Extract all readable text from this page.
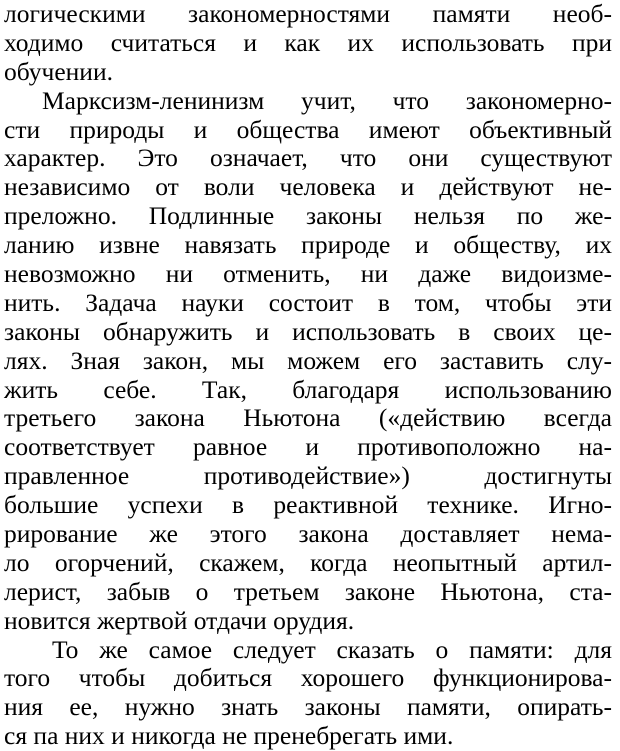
логическими закономерностями памяти необ-
ходимо считаться и как их использовать при
обучении.
Марксизм-ленинизм учит, что закономерно-
сти природы и общества имеют объективный
характер. Это означает, что они существуют
независимо от воли человека и действуют не-
преложно. Подлинные законы нельзя по же-
ланию извне навязать природе и обществу, их
невозможно ни отменить, ни даже видоизме-
нить. Задача науки состоит в том, чтобы эти
законы обнаружить и использовать в своих це-
лях. Зная закон, мы можем его заставить слу-
жить себе. Так, благодаря использованию
третьего закона Ньютона («действию всегда
соответствует равное и противоположно на-
правленное противодействие») достигнуты
большие успехи в реактивной технике. Игно-
рирование же этого закона доставляет нема-
ло огорчений, скажем, когда неопытный артил-
лерист, забыв о третьем законе Ньютона, ста-
новится жертвой отдачи орудия.
То же самое следует сказать о памяти: для
того чтобы добиться хорошего функционирова-
ния ее, нужно знать законы памяти, опирать-
ся па них и никогда не пренебрегать ими.
